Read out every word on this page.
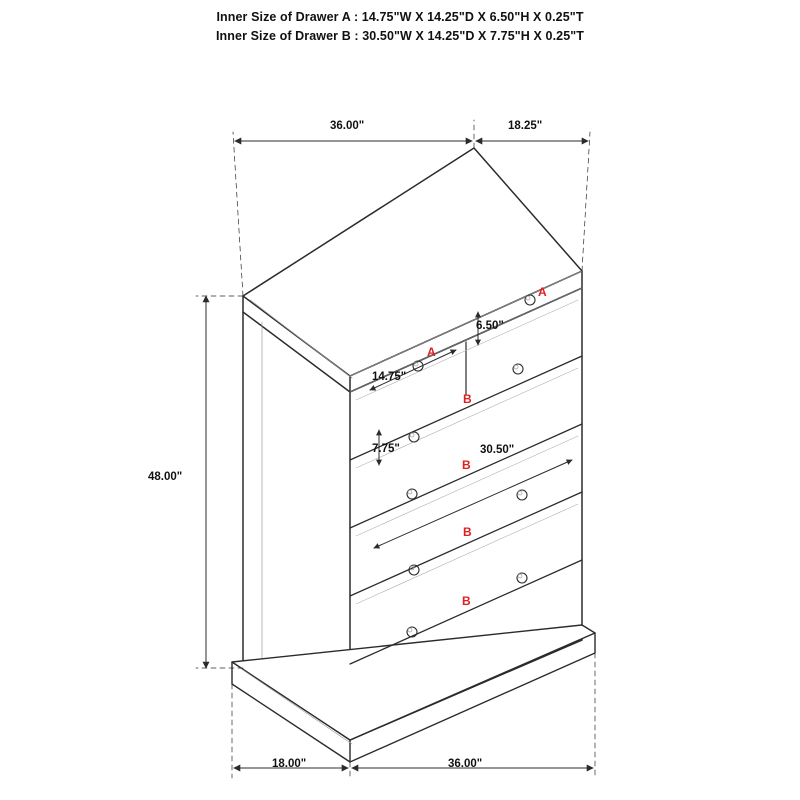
Inner Size of Drawer A : 14.75"W X 14.25"D X 6.50"H X 0.25"T
Inner Size of Drawer B : 30.50"W X 14.25"D X 7.75"H X 0.25"T
36.00"	18.25"
48.00"
6.50"
14.75"
7.75"	30.50"
18.00"	36.00"
A
A
B
B
B
B
